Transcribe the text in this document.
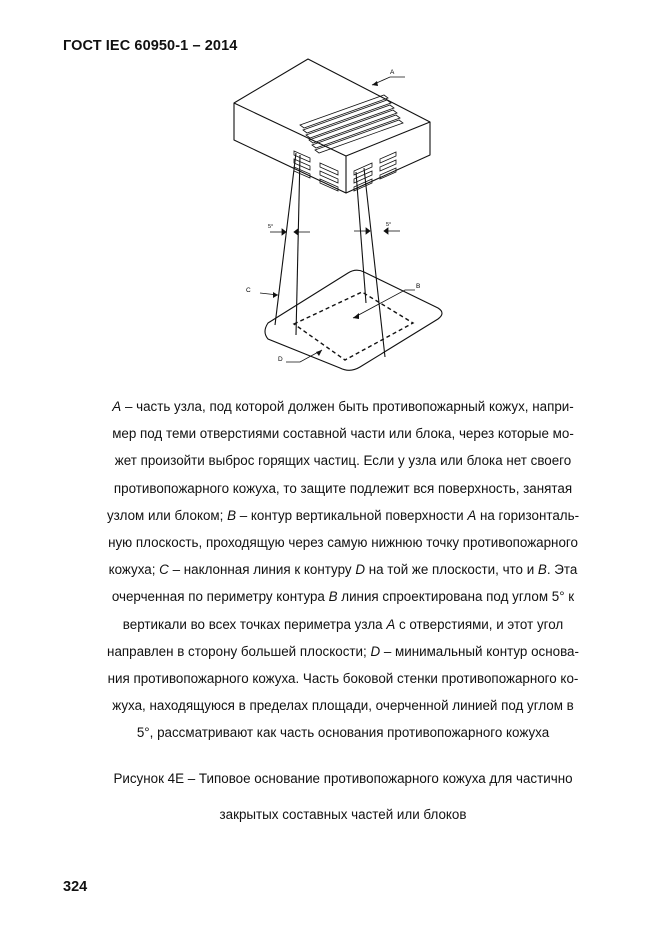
ГОСТ IEC 60950-1 – 2014
A
C
B
D
5°	5°
A – часть узла, под которой должен быть противопожарный кожух, напри-
мер под теми отверстиями составной части или блока, через которые мо-
жет произойти выброс горящих частиц. Если у узла или блока нет своего
противопожарного кожуха, то защите подлежит вся поверхность, занятая
узлом или блоком; B – контур вертикальной поверхности A на горизонталь-
ную плоскость, проходящую через самую нижнюю точку противопожарного
кожуха; C – наклонная линия к контуру D на той же плоскости, что и B. Эта
очерченная по периметру контура B линия спроектирована под углом 5° к
вертикали во всех точках периметра узла A с отверстиями, и этот угол
направлен в сторону большей плоскости; D – минимальный контур основа-
ния противопожарного кожуха. Часть боковой стенки противопожарного ко-
жуха, находящуюся в пределах площади, очерченной линией под углом в
5°, рассматривают как часть основания противопожарного кожуха
Рисунок 4E – Типовое основание противопожарного кожуха для частично
закрытых составных частей или блоков
324
